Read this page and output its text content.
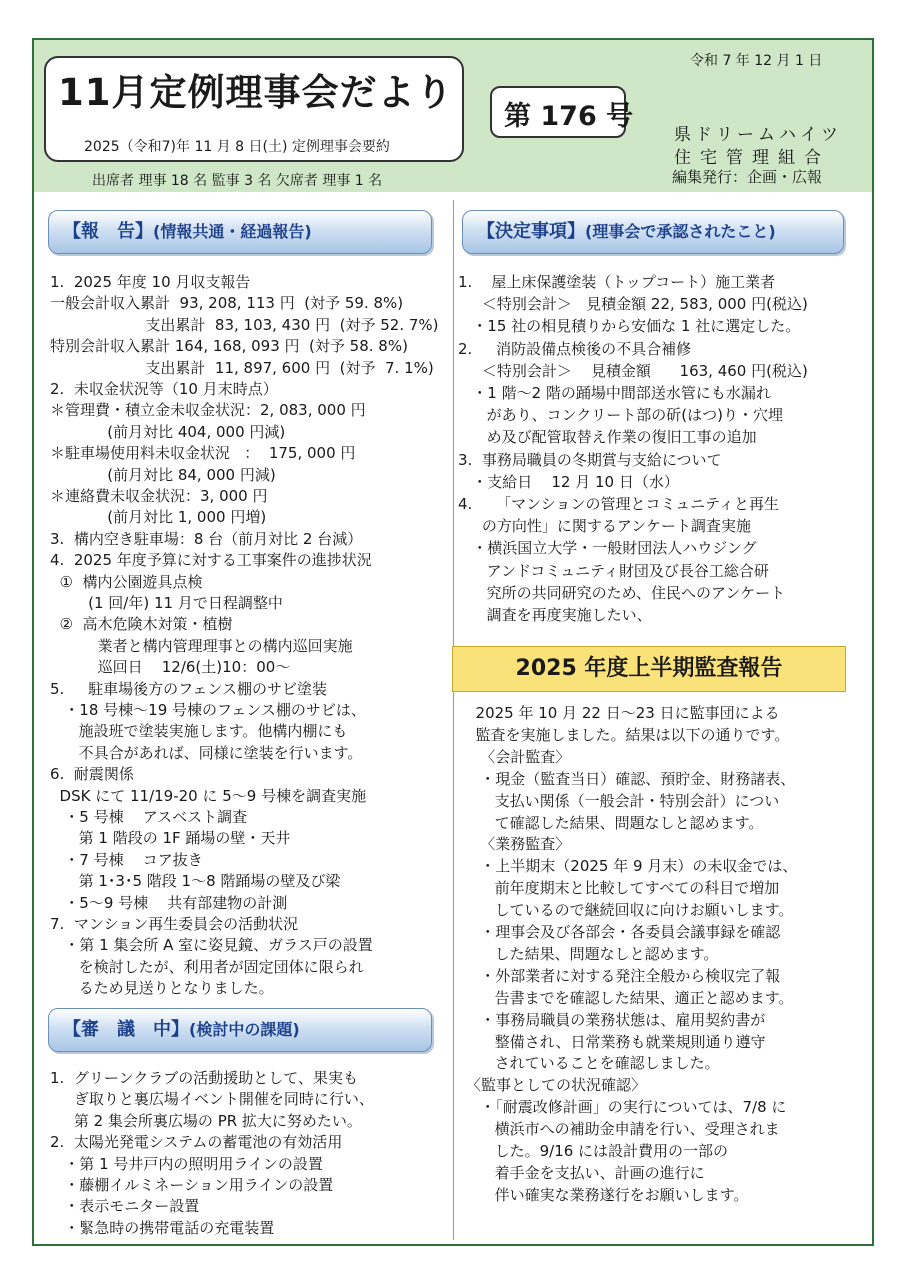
11月定例理事会だより
2025（令和7)年 11 月 8 日(土) 定例理事会要約
出席者 理事 18 名 監事 3 名 欠席者 理事 1 名
令和 7 年 12 月 1 日
第 176 号
県ドリームハイツ
住宅管理組合
編集発行：企画・広報
【報　告】(情報共通・経過報告)
1.  2025 年度 10 月収支報告
一般会計収入累計  93, 208, 113 円  (対予 59. 8%)
支出累計  83, 103, 430 円  (対予 52. 7%)
特別会計収入累計 164, 168, 093 円  (対予 58. 8%)
支出累計  11, 897, 600 円  (対予  7. 1%)
2.  未収金状況等（10 月末時点）
＊管理費・積立金未収金状況：2, 083, 000 円
(前月対比 404, 000 円減)
＊駐車場使用料未収金状況   ：  175, 000 円
(前月対比 84, 000 円減)
＊連絡費未収金状況：3, 000 円
(前月対比 1, 000 円増)
3.  構内空き駐車場：8 台（前月対比 2 台減）
4.  2025 年度予算に対する工事案件の進捗状況
①  構内公園遊具点検
(1 回/年) 11 月で日程調整中
②  高木危険木対策・植樹
業者と構内管理理事との構内巡回実施
巡回日    12/6(土)10：00～
5.     駐車場後方のフェンス棚のサビ塗装
・18 号棟～19 号棟のフェンス棚のサビは、
施設班で塗装実施します。他構内棚にも
不具合があれば、同様に塗装を行います。
6.  耐震関係
DSK にて 11/19-20 に 5～9 号棟を調査実施
・5 号棟    アスベスト調査
第 1 階段の 1F 踊場の壁・天井
・7 号棟    コア抜き
第 1･3･5 階段 1～8 階踊場の壁及び梁
・5～9 号棟    共有部建物の計測
7.  マンション再生委員会の活動状況
・第 1 集会所 A 室に姿見鏡、ガラス戸の設置
を検討したが、利用者が固定団体に限られ
るため見送りとなりました。
【審　議　中】(検討中の課題)
1.  グリーンクラブの活動援助として、果実も
ぎ取りと裏広場イベント開催を同時に行い、
第 2 集会所裏広場の PR 拡大に努めたい。
2.  太陽光発電システムの蓄電池の有効活用
・第 1 号井戸内の照明用ラインの設置
・藤棚イルミネーション用ラインの設置
・表示モニター設置
・緊急時の携帯電話の充電装置
【決定事項】(理事会で承認されたこと)
1.    屋上床保護塗装（トップコート）施工業者
＜特別会計＞   見積金額 22, 583, 000 円(税込)
・15 社の相見積りから安価な 1 社に選定した。
2.     消防設備点検後の不具合補修
＜特別会計＞    見積金額      163, 460 円(税込)
・1 階～2 階の踊場中間部送水管にも水漏れ
があり、コンクリート部の斫(はつ)り・穴埋
め及び配管取替え作業の復旧工事の追加
3.  事務局職員の冬期賞与支給について
・支給日    12 月 10 日（水）
4.     「マンションの管理とコミュニティと再生
の方向性」に関するアンケート調査実施
・横浜国立大学・一般財団法人ハウジング
アンドコミュニティ財団及び長谷工総合研
究所の共同研究のため、住民へのアンケート
調査を再度実施したい、
2025 年度上半期監査報告
2025 年 10 月 22 日～23 日に監事団による
監査を実施しました。結果は以下の通りです。
〈会計監査〉
・現金（監査当日）確認、預貯金、財務諸表、
支払い関係（一般会計・特別会計）につい
て確認した結果、問題なしと認めます。
〈業務監査〉
・上半期末（2025 年 9 月末）の未収金では、
前年度期末と比較してすべての科目で増加
しているので継続回収に向けお願いします。
・理事会及び各部会・各委員会議事録を確認
した結果、問題なしと認めます。
・外部業者に対する発注全般から検収完了報
告書までを確認した結果、適正と認めます。
・事務局職員の業務状態は、雇用契約書が
整備され、日常業務も就業規則通り遵守
されていることを確認しました。
〈監事としての状況確認〉
・「耐震改修計画」の実行については、7/8 に
横浜市への補助金申請を行い、受理されま
した。9/16 には設計費用の一部の
着手金を支払い、計画の進行に
伴い確実な業務遂行をお願いします。
